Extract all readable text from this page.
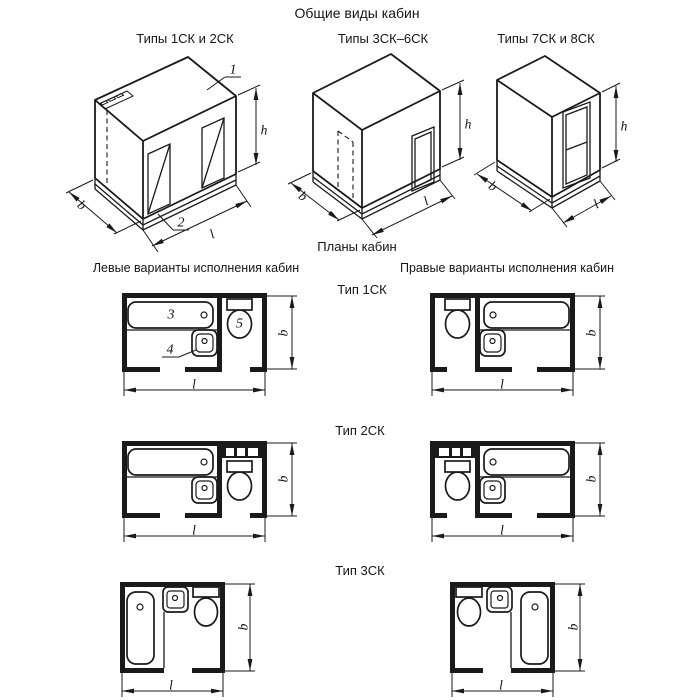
1
2
h
b
l
h
b	l
h
b
l
3
5
4
b
l
b
l
b
l
b
l
b
l
b
l
Общие виды кабин
Типы 1СК и 2СК	Типы 3СК–6СК	Типы 7СК и 8СК
Планы кабин
Левые варианты исполнения кабин	Правые варианты исполнения кабин
Тип 1СК
Тип 2СК
Тип 3СК
